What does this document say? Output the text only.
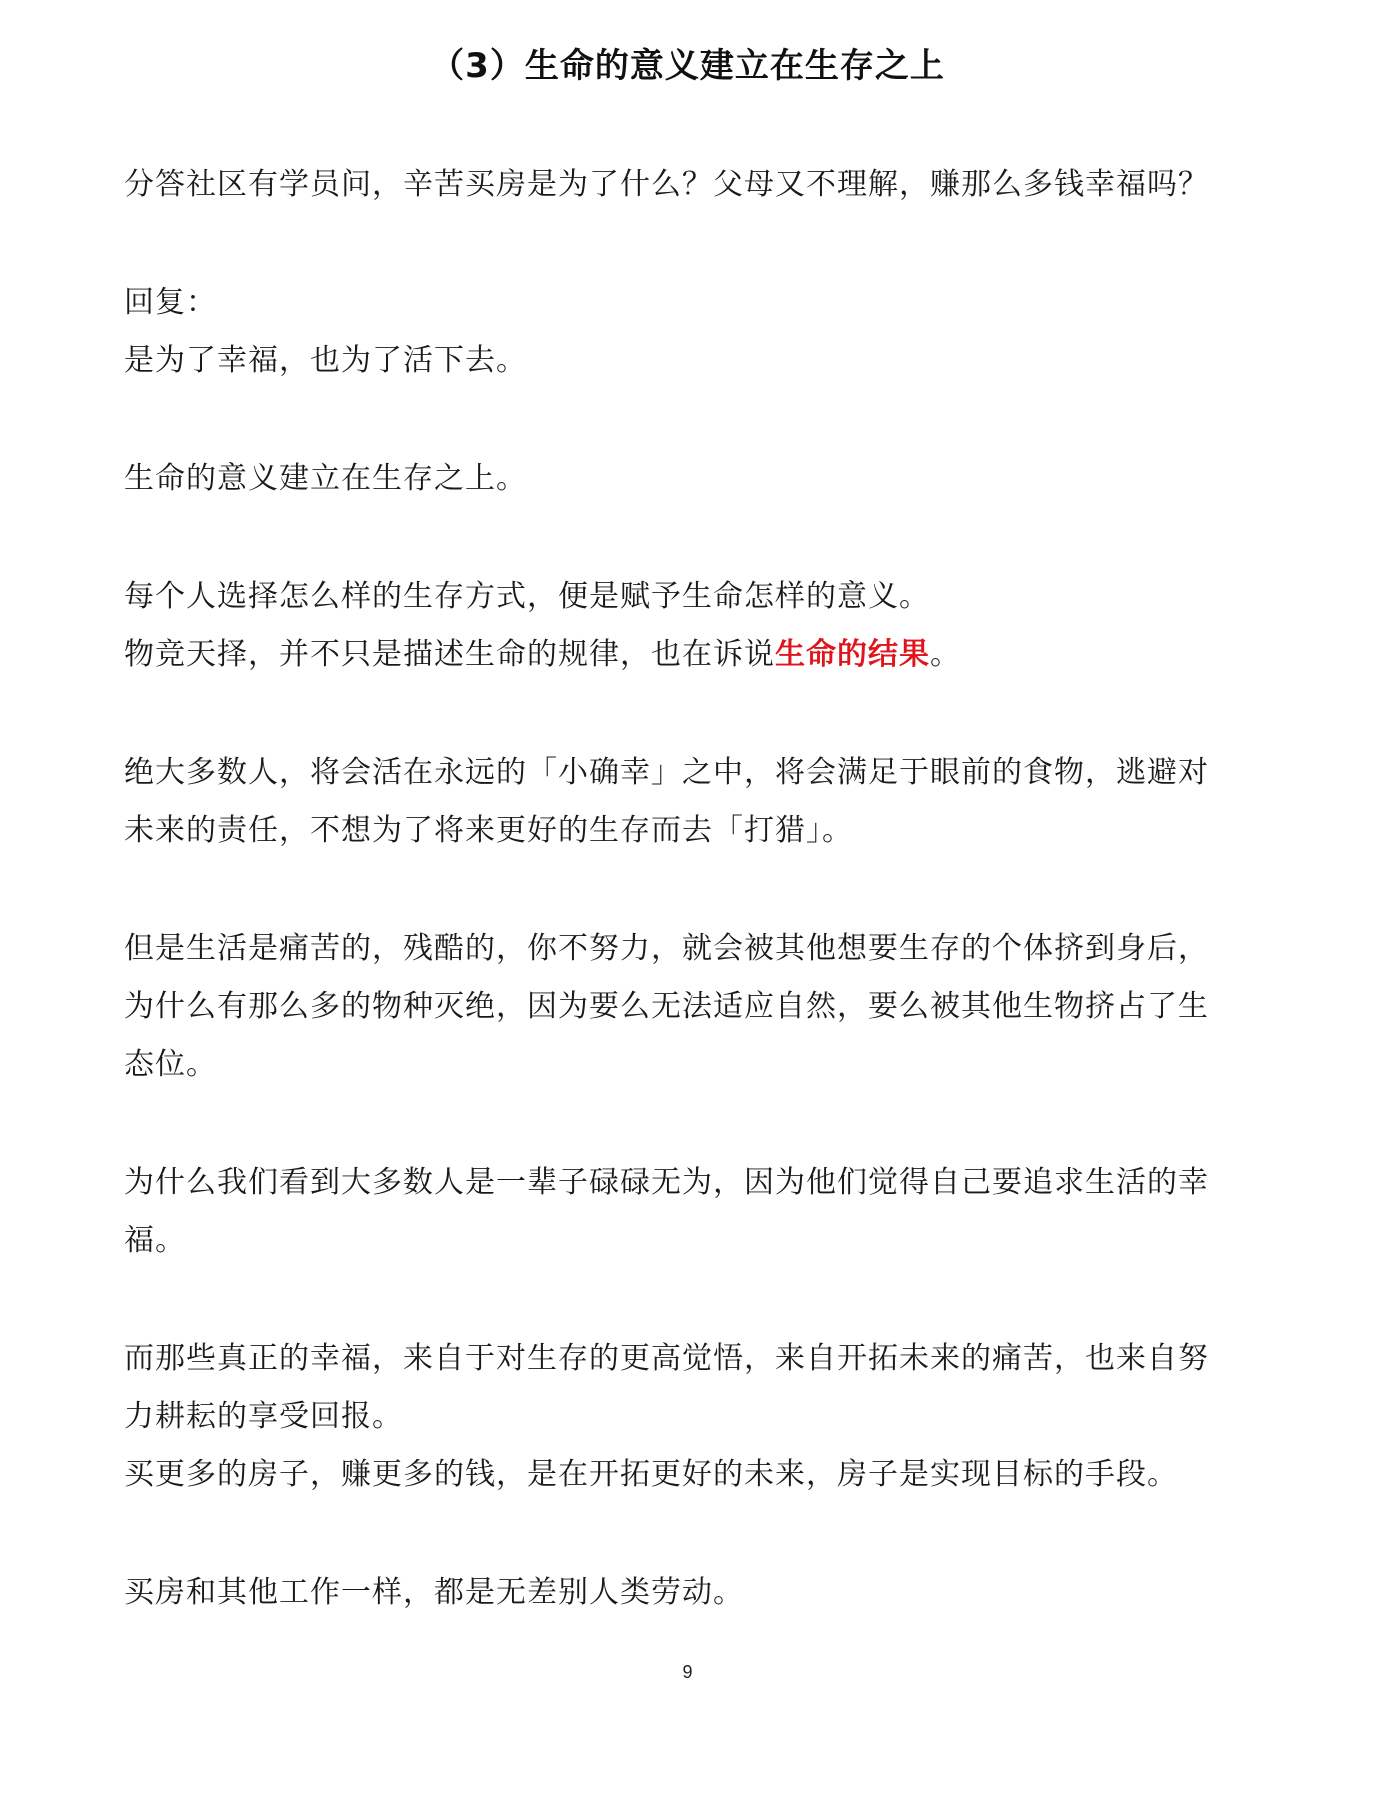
（3）生命的意义建立在生存之上

分答社区有学员问，辛苦买房是为了什么？父母又不理解，赚那么多钱幸福吗？

回复：

是为了幸福，也为了活下去。

生命的意义建立在生存之上。

每个人选择怎么样的生存方式，便是赋予生命怎样的意义。

物竞天择，并不只是描述生命的规律，也在诉说生命的结果。

绝大多数人，将会活在永远的「小确幸」之中，将会满足于眼前的食物，逃避对

未来的责任，不想为了将来更好的生存而去「打猎」。

但是生活是痛苦的，残酷的，你不努力，就会被其他想要生存的个体挤到身后，

为什么有那么多的物种灭绝，因为要么无法适应自然，要么被其他生物挤占了生

态位。

为什么我们看到大多数人是一辈子碌碌无为，因为他们觉得自己要追求生活的幸

福。

而那些真正的幸福，来自于对生存的更高觉悟，来自开拓未来的痛苦，也来自努

力耕耘的享受回报。

买更多的房子，赚更多的钱，是在开拓更好的未来，房子是实现目标的手段。

买房和其他工作一样，都是无差别人类劳动。

9
